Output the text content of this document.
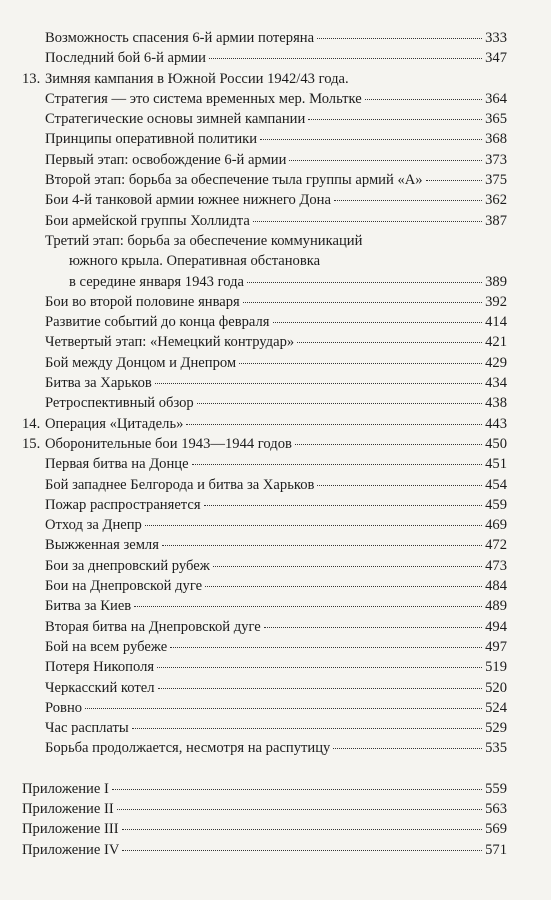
Возможность спасения 6-й армии потеряна	333
Последний бой 6-й армии	347
13. Зимняя кампания в Южной России 1942/43 года.
Стратегия — это система временных мер. Мольтке	364
Стратегические основы зимней кампании	365
Принципы оперативной политики	368
Первый этап: освобождение 6-й армии	373
Второй этап: борьба за обеспечение тыла группы армий «А»	375
Бои 4-й танковой армии южнее нижнего Дона	362
Бои армейской группы Холлидта	387
Третий этап: борьба за обеспечение коммуникаций
южного крыла. Оперативная обстановка
в середине января 1943 года	389
Бои во второй половине января	392
Развитие событий до конца февраля	414
Четвертый этап: «Немецкий контрудар»	421
Бой между Донцом и Днепром	429
Битва за Харьков	434
Ретроспективный обзор	438
14. Операция «Цитадель»	443
15. Оборонительные бои 1943—1944 годов	450
Первая битва на Донце	451
Бой западнее Белгорода и битва за Харьков	454
Пожар распространяется	459
Отход за Днепр	469
Выжженная земля	472
Бои за днепровский рубеж	473
Бои на Днепровской дуге	484
Битва за Киев	489
Вторая битва на Днепровской дуге	494
Бой на всем рубеже	497
Потеря Никополя	519
Черкасский котел	520
Ровно	524
Час расплаты	529
Борьба продолжается, несмотря на распутицу	535
Приложение I	559
Приложение II	563
Приложение III	569
Приложение IV	571
